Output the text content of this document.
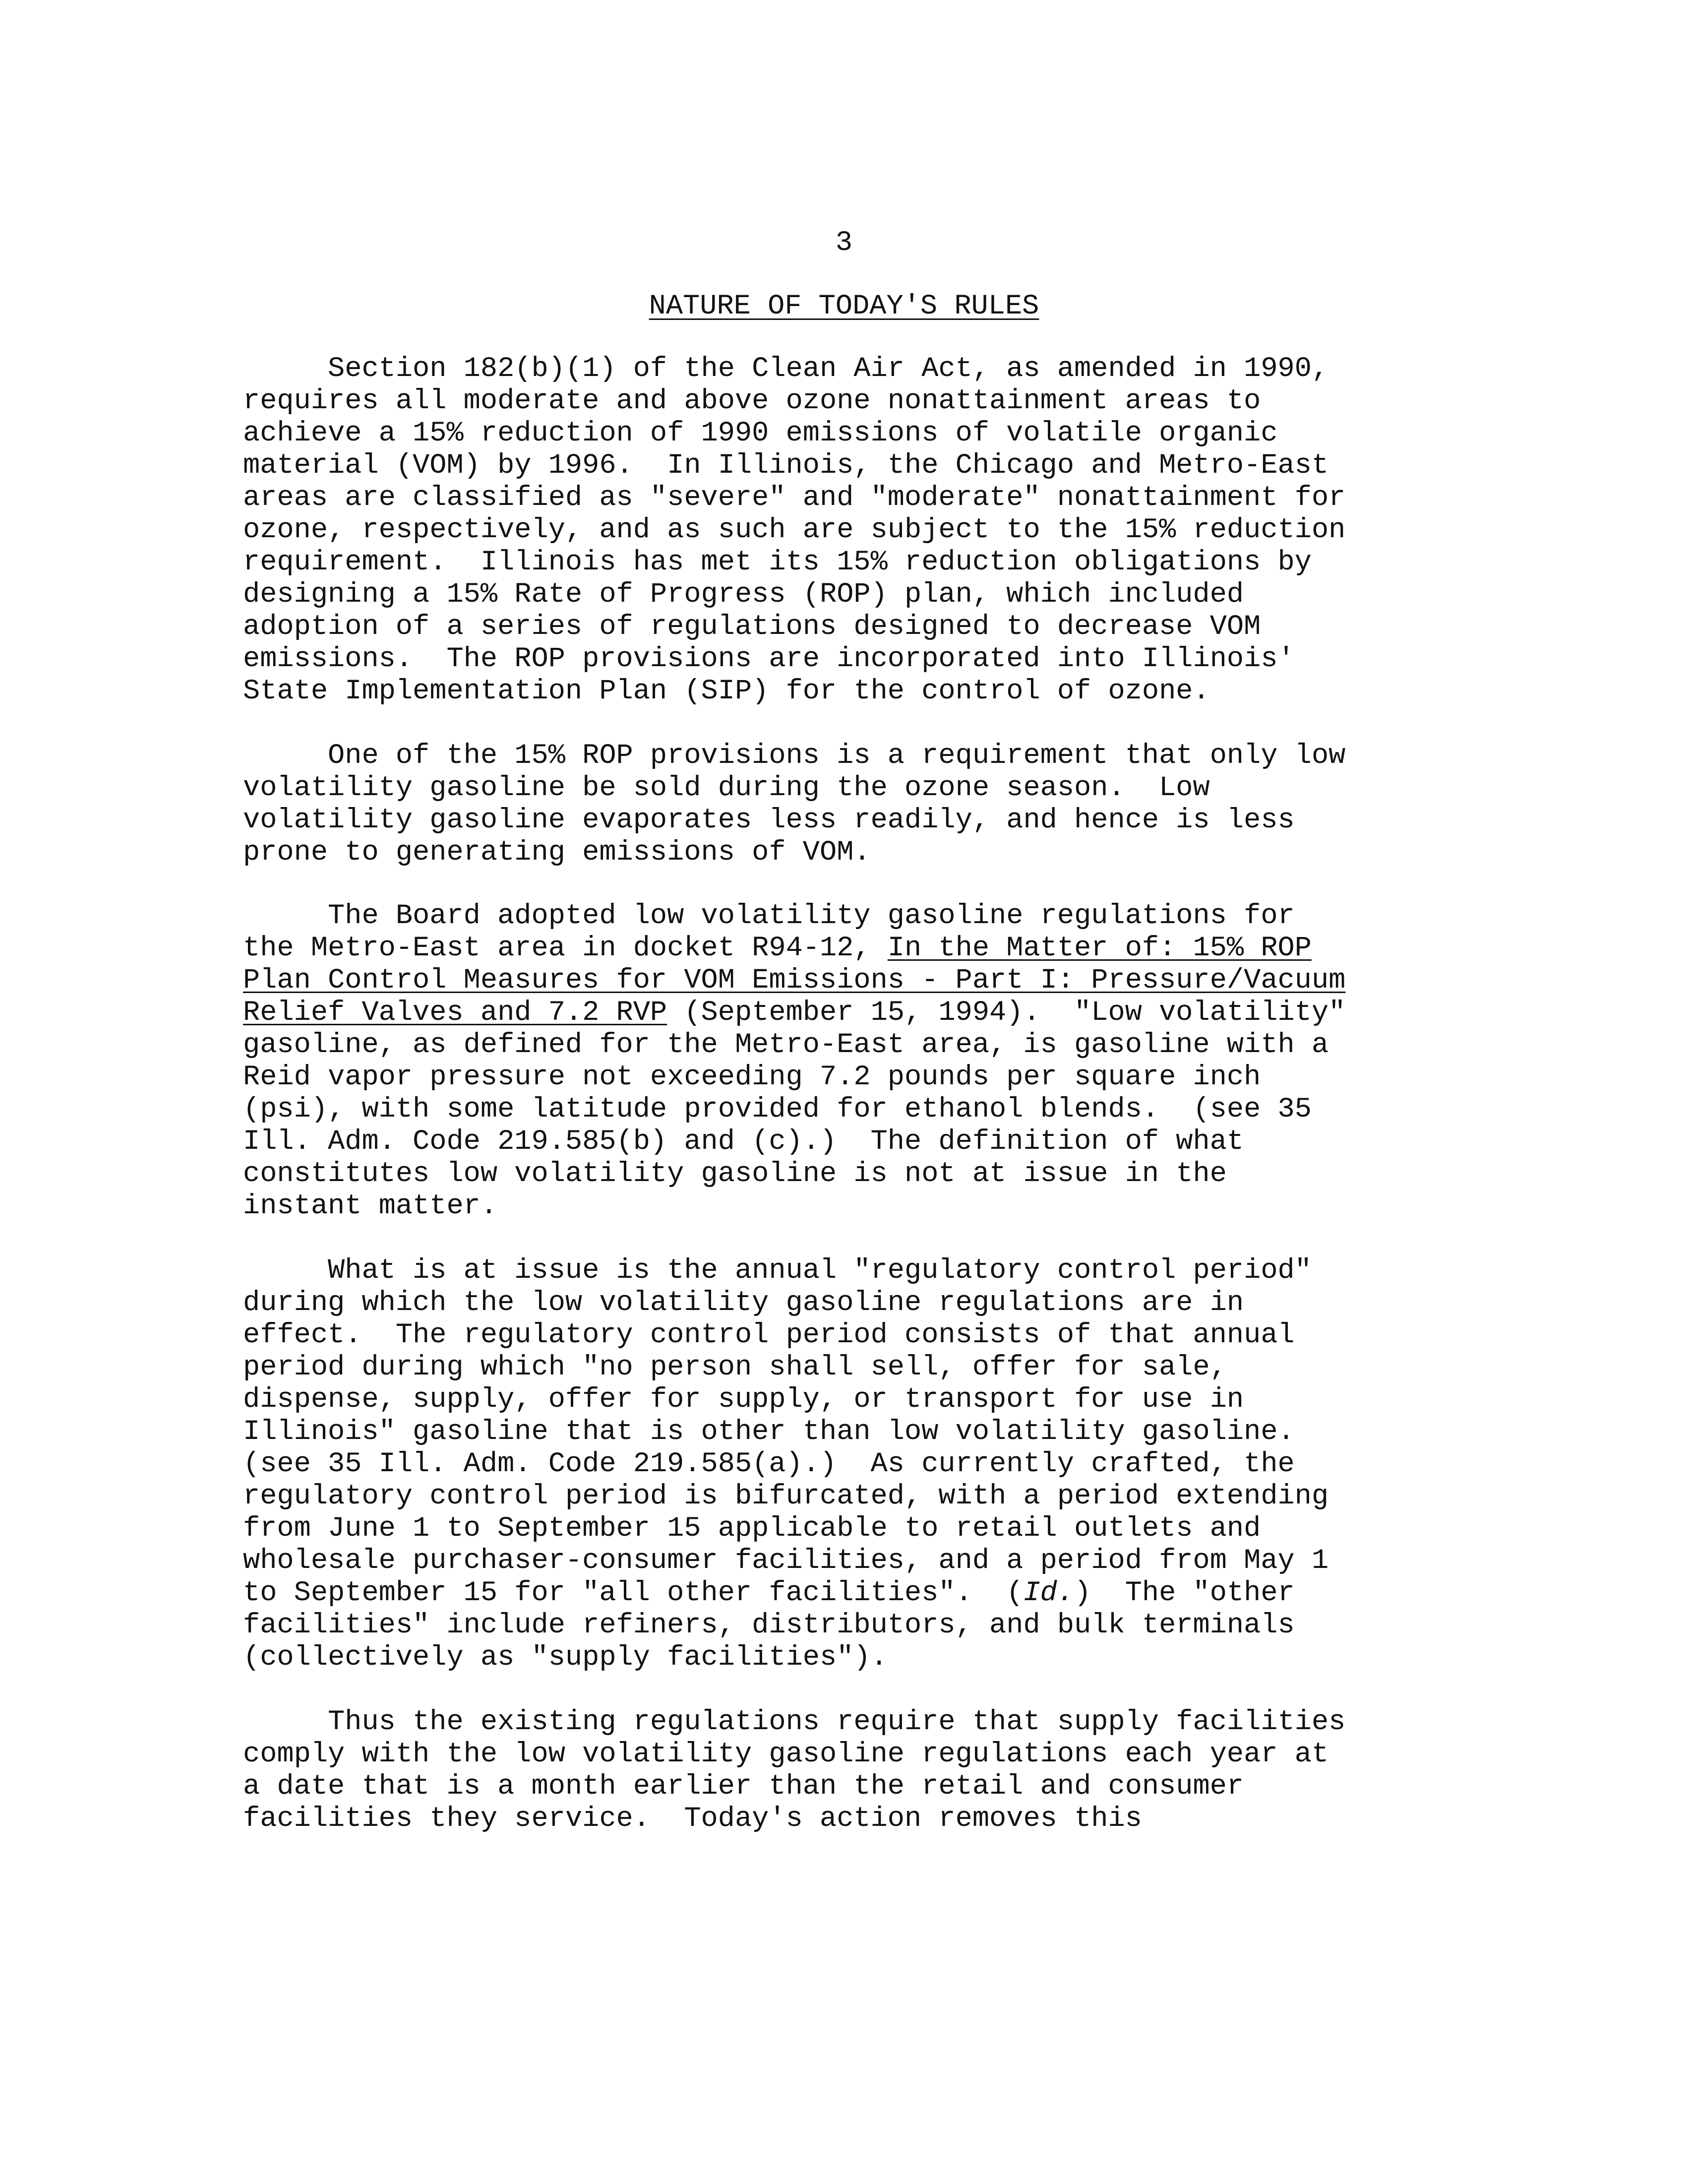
3
NATURE OF TODAY'S RULES

Section 182(b)(1) of the Clean Air Act, as amended in 1990,
requires all moderate and above ozone nonattainment areas to
achieve a 15% reduction of 1990 emissions of volatile organic
material (VOM) by 1996.  In Illinois, the Chicago and Metro-East
areas are classified as "severe" and "moderate" nonattainment for
ozone, respectively, and as such are subject to the 15% reduction
requirement.  Illinois has met its 15% reduction obligations by
designing a 15% Rate of Progress (ROP) plan, which included
adoption of a series of regulations designed to decrease VOM
emissions.  The ROP provisions are incorporated into Illinois'
State Implementation Plan (SIP) for the control of ozone.

One of the 15% ROP provisions is a requirement that only low
volatility gasoline be sold during the ozone season.  Low
volatility gasoline evaporates less readily, and hence is less
prone to generating emissions of VOM.

The Board adopted low volatility gasoline regulations for
the Metro-East area in docket R94-12, In the Matter of: 15% ROP
Plan Control Measures for VOM Emissions - Part I: Pressure/Vacuum
Relief Valves and 7.2 RVP (September 15, 1994).  "Low volatility"
gasoline, as defined for the Metro-East area, is gasoline with a
Reid vapor pressure not exceeding 7.2 pounds per square inch
(psi), with some latitude provided for ethanol blends.  (see 35
Ill. Adm. Code 219.585(b) and (c).)  The definition of what
constitutes low volatility gasoline is not at issue in the
instant matter.

What is at issue is the annual "regulatory control period"
during which the low volatility gasoline regulations are in
effect.  The regulatory control period consists of that annual
period during which "no person shall sell, offer for sale,
dispense, supply, offer for supply, or transport for use in
Illinois" gasoline that is other than low volatility gasoline.
(see 35 Ill. Adm. Code 219.585(a).)  As currently crafted, the
regulatory control period is bifurcated, with a period extending
from June 1 to September 15 applicable to retail outlets and
wholesale purchaser-consumer facilities, and a period from May 1
to September 15 for "all other facilities".  (Id.)  The "other
facilities" include refiners, distributors, and bulk terminals
(collectively as "supply facilities").

Thus the existing regulations require that supply facilities
comply with the low volatility gasoline regulations each year at
a date that is a month earlier than the retail and consumer
facilities they service.  Today's action removes this
